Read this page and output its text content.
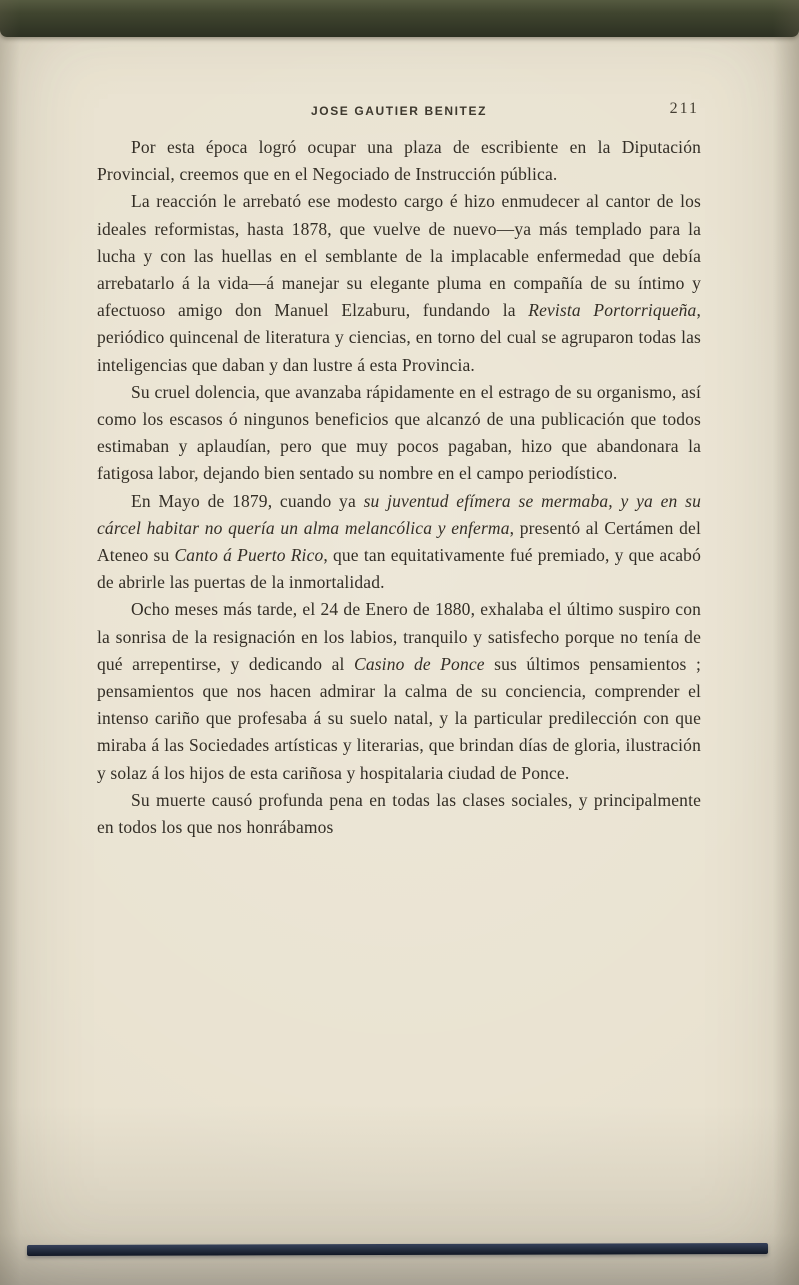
JOSE GAUTIER BENITEZ	211

Por esta época logró ocupar una plaza de escribiente en la Diputación Provincial, creemos que en el Negociado de Instrucción pública.

La reacción le arrebató ese modesto cargo é hizo enmudecer al cantor de los ideales reformistas, hasta 1878, que vuelve de nuevo—ya más templado para la lucha y con las huellas en el semblante de la implacable enfermedad que debía arrebatarlo á la vida—á manejar su elegante pluma en compañía de su íntimo y afectuoso amigo don Manuel Elzaburu, fundando la Revista Portorriqueña, periódico quincenal de literatura y ciencias, en torno del cual se agruparon todas las inteligencias que daban y dan lustre á esta Provincia.

Su cruel dolencia, que avanzaba rápidamente en el estrago de su organismo, así como los escasos ó ningunos beneficios que alcanzó de una publicación que todos estimaban y aplaudían, pero que muy pocos pagaban, hizo que abandonara la fatigosa labor, dejando bien sentado su nombre en el campo periodístico.

En Mayo de 1879, cuando ya su juventud efímera se mermaba, y ya en su cárcel habitar no quería un alma melancólica y enferma, presentó al Certámen del Ateneo su Canto á Puerto Rico, que tan equitativamente fué premiado, y que acabó de abrirle las puertas de la inmortalidad.

Ocho meses más tarde, el 24 de Enero de 1880, exhalaba el último suspiro con la sonrisa de la resignación en los labios, tranquilo y satisfecho porque no tenía de qué arrepentirse, y dedicando al Casino de Ponce sus últimos pensamientos ; pensamientos que nos hacen admirar la calma de su conciencia, comprender el intenso cariño que profesaba á su suelo natal, y la particular predilección con que miraba á las Sociedades artísticas y literarias, que brindan días de gloria, ilustración y solaz á los hijos de esta cariñosa y hospitalaria ciudad de Ponce.

Su muerte causó profunda pena en todas las clases sociales, y principalmente en todos los que nos honrábamos
